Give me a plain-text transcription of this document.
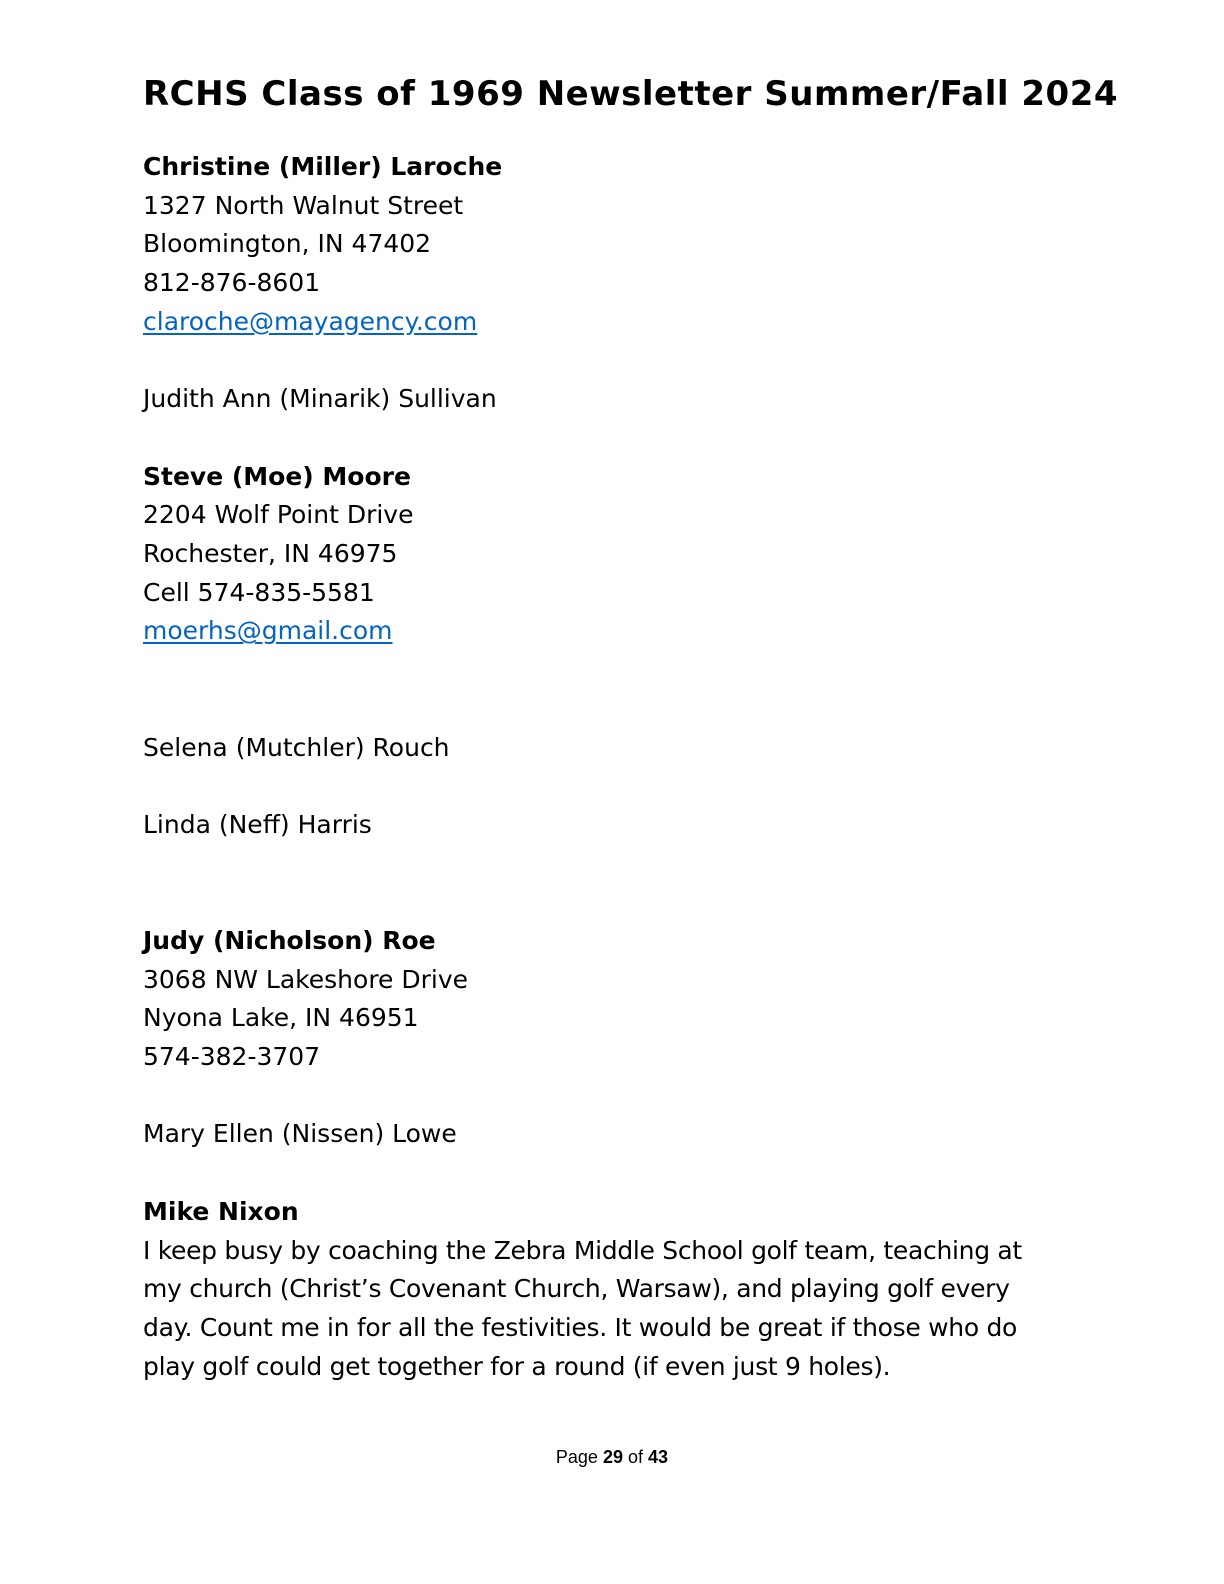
RCHS Class of 1969 Newsletter Summer/Fall 2024
Christine (Miller) Laroche
1327 North Walnut Street
Bloomington, IN 47402
812-876-8601
claroche@mayagency.com
Judith Ann (Minarik) Sullivan
Steve (Moe) Moore
2204 Wolf Point Drive
Rochester, IN 46975
Cell 574-835-5581
moerhs@gmail.com
Selena (Mutchler) Rouch
Linda (Neff) Harris
Judy (Nicholson) Roe
3068 NW Lakeshore Drive
Nyona Lake, IN 46951
574-382-3707
Mary Ellen (Nissen) Lowe
Mike Nixon
I keep busy by coaching the Zebra Middle School golf team, teaching at my church (Christ’s Covenant Church, Warsaw), and playing golf every day. Count me in for all the festivities. It would be great if those who do play golf could get together for a round (if even just 9 holes).
Page 29 of 43
